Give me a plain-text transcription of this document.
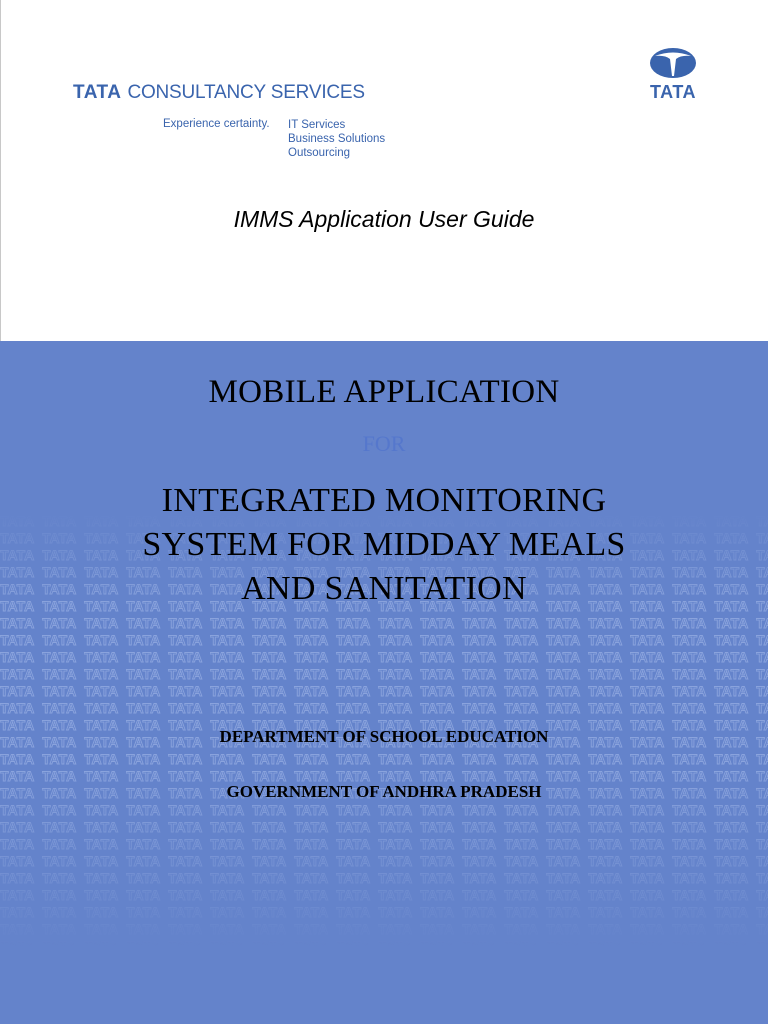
TATA CONSULTANCY SERVICES
Experience certainty. IT Services
Business Solutions
Outsourcing
TATA
IMMS Application User Guide
MOBILE APPLICATION
FOR
INTEGRATED MONITORING
SYSTEM FOR MIDDAY MEALS
AND SANITATION
DEPARTMENT OF SCHOOL EDUCATION
GOVERNMENT OF ANDHRA PRADESH
